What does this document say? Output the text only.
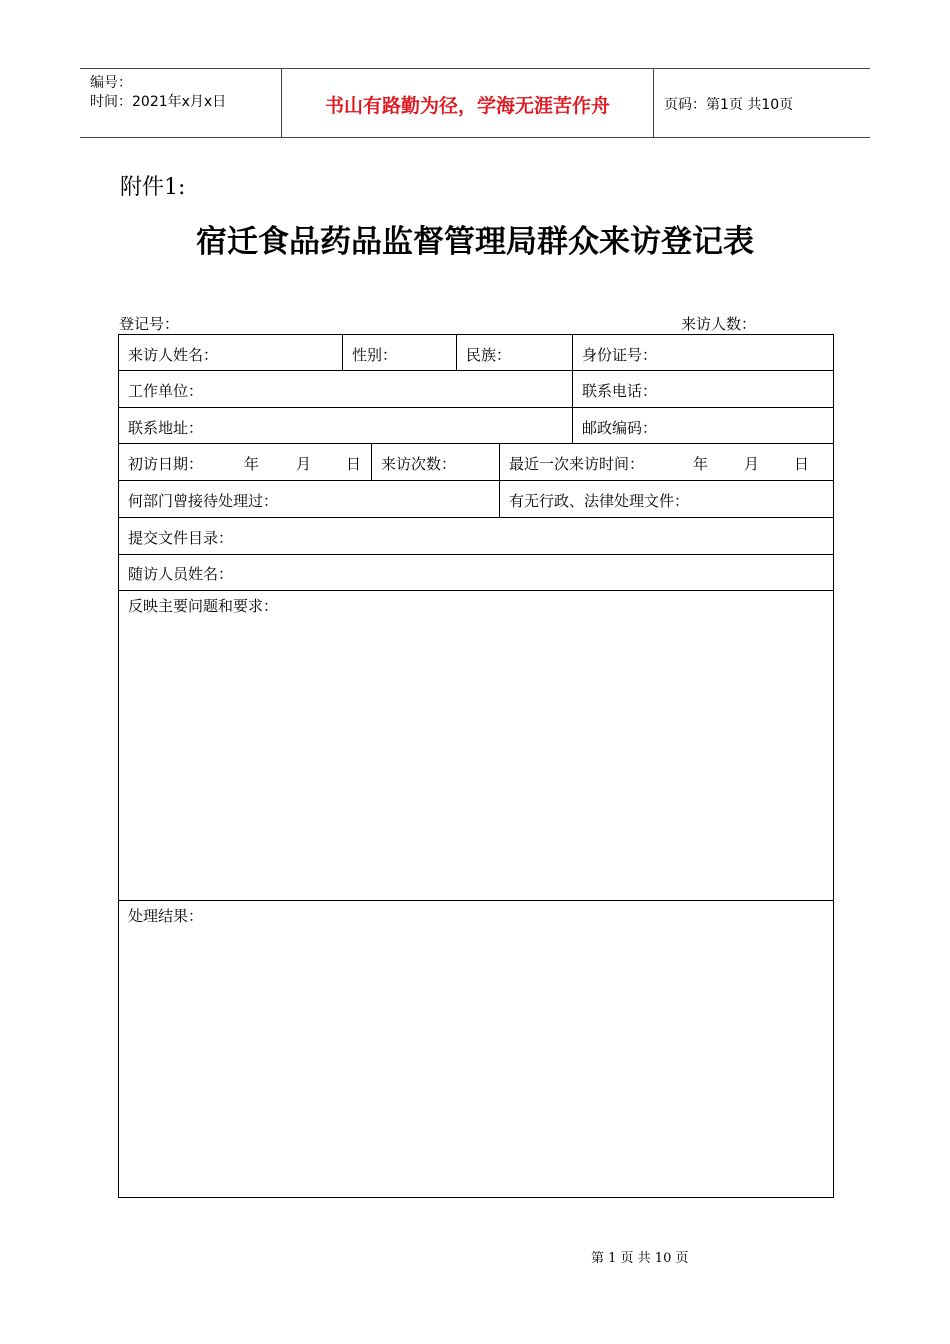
编号：
时间：2021年x月x日	书山有路勤为径，学海无涯苦作舟	页码：第1页 共10页
附件1:
宿迁食品药品监督管理局群众来访登记表
登记号：	来访人数：
来访人姓名：	性别：	民族：	身份证号：
工作单位：	联系电话：
联系地址：	邮政编码：
初访日期：	年 月 日 来访次数：	最近一次来访时间：	年 月 日
何部门曾接待处理过：	有无行政、法律处理文件：
提交文件目录：
随访人员姓名：
反映主要问题和要求：
处理结果：
第 1 页 共 10 页
